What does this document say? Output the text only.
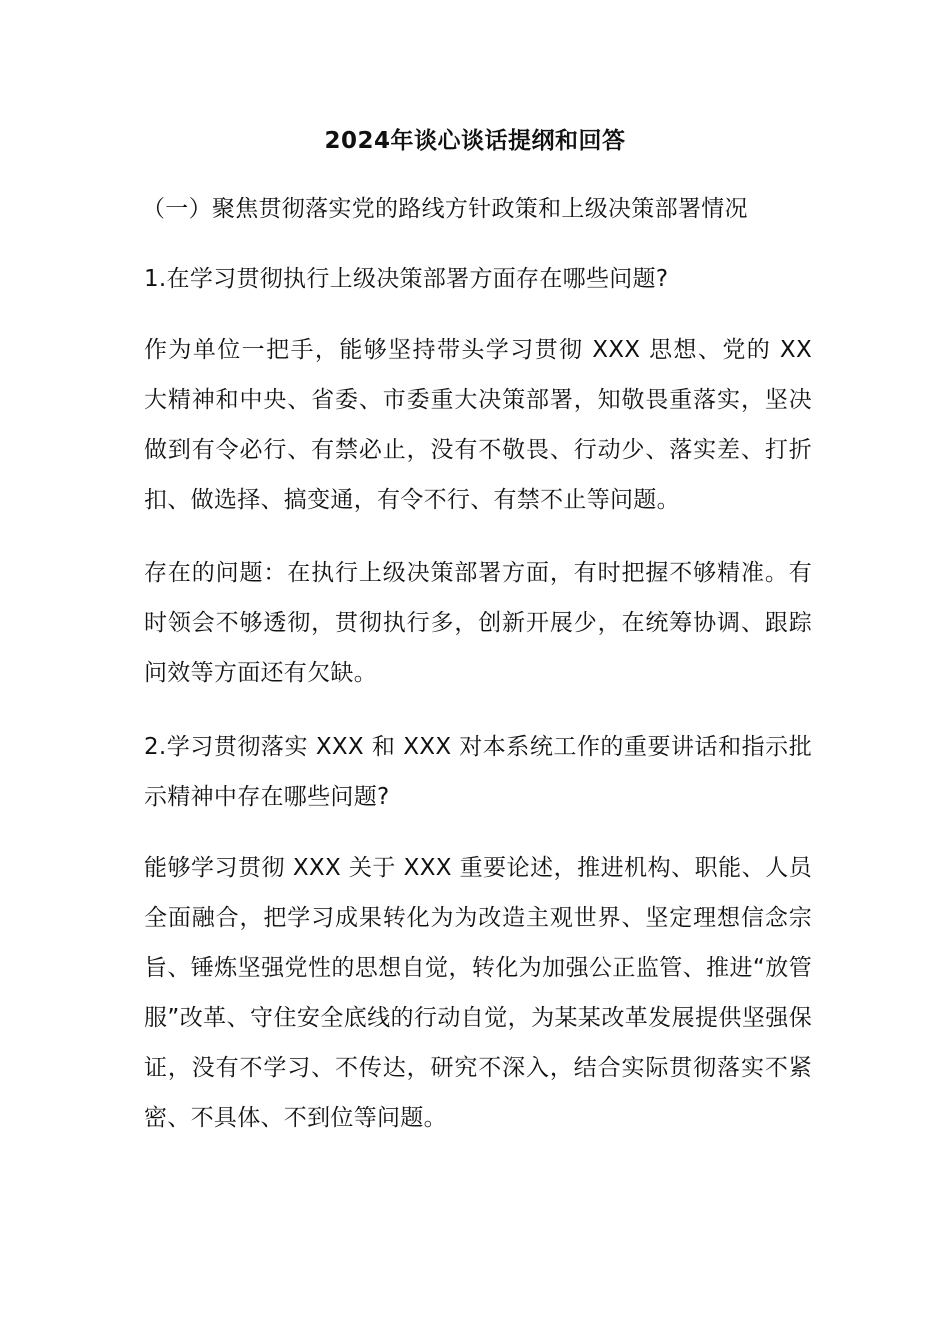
2024年谈心谈话提纲和回答

（一）聚焦贯彻落实党的路线方针政策和上级决策部署情况

1.在学习贯彻执行上级决策部署方面存在哪些问题?

作为单位一把手，能够坚持带头学习贯彻 XXX 思想、党的 XX 大精神和中央、省委、市委重大决策部署，知敬畏重落实，坚决做到有令必行、有禁必止，没有不敬畏、行动少、落实差、打折扣、做选择、搞变通，有令不行、有禁不止等问题。

存在的问题：在执行上级决策部署方面，有时把握不够精准。有时领会不够透彻，贯彻执行多，创新开展少，在统筹协调、跟踪问效等方面还有欠缺。

2.学习贯彻落实 XXX 和 XXX 对本系统工作的重要讲话和指示批示精神中存在哪些问题?

能够学习贯彻 XXX 关于 XXX 重要论述，推进机构、职能、人员全面融合，把学习成果转化为为改造主观世界、坚定理想信念宗旨、锤炼坚强党性的思想自觉，转化为加强公正监管、推进“放管服”改革、守住安全底线的行动自觉，为某某改革发展提供坚强保证，没有不学习、不传达，研究不深入，结合实际贯彻落实不紧密、不具体、不到位等问题。
